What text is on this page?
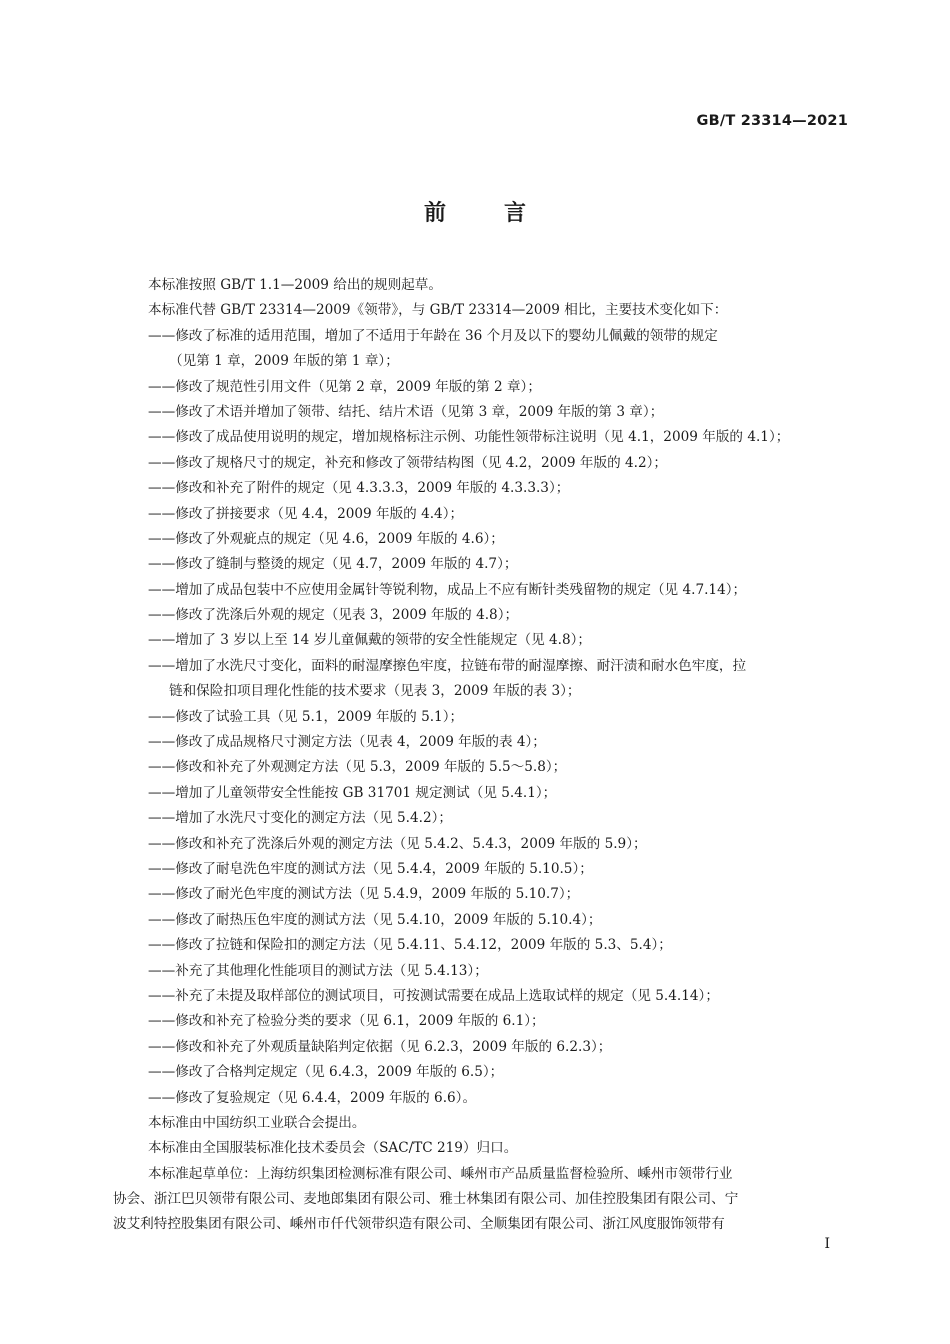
GB/T 23314—2021
前言
本标准按照 GB/T 1.1—2009 给出的规则起草。
本标准代替 GB/T 23314—2009《领带》，与 GB/T 23314—2009 相比，主要技术变化如下：
——修改了标准的适用范围，增加了不适用于年龄在 36 个月及以下的婴幼儿佩戴的领带的规定
（见第 1 章，2009 年版的第 1 章）；
——修改了规范性引用文件（见第 2 章，2009 年版的第 2 章）；
——修改了术语并增加了领带、结托、结片术语（见第 3 章，2009 年版的第 3 章）；
——修改了成品使用说明的规定，增加规格标注示例、功能性领带标注说明（见 4.1，2009 年版的 4.1）；
——修改了规格尺寸的规定，补充和修改了领带结构图（见 4.2，2009 年版的 4.2）；
——修改和补充了附件的规定（见 4.3.3.3，2009 年版的 4.3.3.3）；
——修改了拼接要求（见 4.4，2009 年版的 4.4）；
——修改了外观疵点的规定（见 4.6，2009 年版的 4.6）；
——修改了缝制与整烫的规定（见 4.7，2009 年版的 4.7）；
——增加了成品包装中不应使用金属针等锐利物，成品上不应有断针类残留物的规定（见 4.7.14）；
——修改了洗涤后外观的规定（见表 3，2009 年版的 4.8）；
——增加了 3 岁以上至 14 岁儿童佩戴的领带的安全性能规定（见 4.8）；
——增加了水洗尺寸变化，面料的耐湿摩擦色牢度，拉链布带的耐湿摩擦、耐汗渍和耐水色牢度，拉
链和保险扣项目理化性能的技术要求（见表 3，2009 年版的表 3）；
——修改了试验工具（见 5.1，2009 年版的 5.1）；
——修改了成品规格尺寸测定方法（见表 4，2009 年版的表 4）；
——修改和补充了外观测定方法（见 5.3，2009 年版的 5.5～5.8）；
——增加了儿童领带安全性能按 GB 31701 规定测试（见 5.4.1）；
——增加了水洗尺寸变化的测定方法（见 5.4.2）；
——修改和补充了洗涤后外观的测定方法（见 5.4.2、5.4.3，2009 年版的 5.9）；
——修改了耐皂洗色牢度的测试方法（见 5.4.4，2009 年版的 5.10.5）；
——修改了耐光色牢度的测试方法（见 5.4.9，2009 年版的 5.10.7）；
——修改了耐热压色牢度的测试方法（见 5.4.10，2009 年版的 5.10.4）；
——修改了拉链和保险扣的测定方法（见 5.4.11、5.4.12，2009 年版的 5.3、5.4）；
——补充了其他理化性能项目的测试方法（见 5.4.13）；
——补充了未提及取样部位的测试项目，可按测试需要在成品上选取试样的规定（见 5.4.14）；
——修改和补充了检验分类的要求（见 6.1，2009 年版的 6.1）；
——修改和补充了外观质量缺陷判定依据（见 6.2.3，2009 年版的 6.2.3）；
——修改了合格判定规定（见 6.4.3，2009 年版的 6.5）；
——修改了复验规定（见 6.4.4，2009 年版的 6.6）。
本标准由中国纺织工业联合会提出。
本标准由全国服装标准化技术委员会（SAC/TC 219）归口。
本标准起草单位：上海纺织集团检测标准有限公司、嵊州市产品质量监督检验所、嵊州市领带行业
协会、浙江巴贝领带有限公司、麦地郎集团有限公司、雅士林集团有限公司、加佳控股集团有限公司、宁
波艾利特控股集团有限公司、嵊州市仟代领带织造有限公司、全顺集团有限公司、浙江风度服饰领带有
I
